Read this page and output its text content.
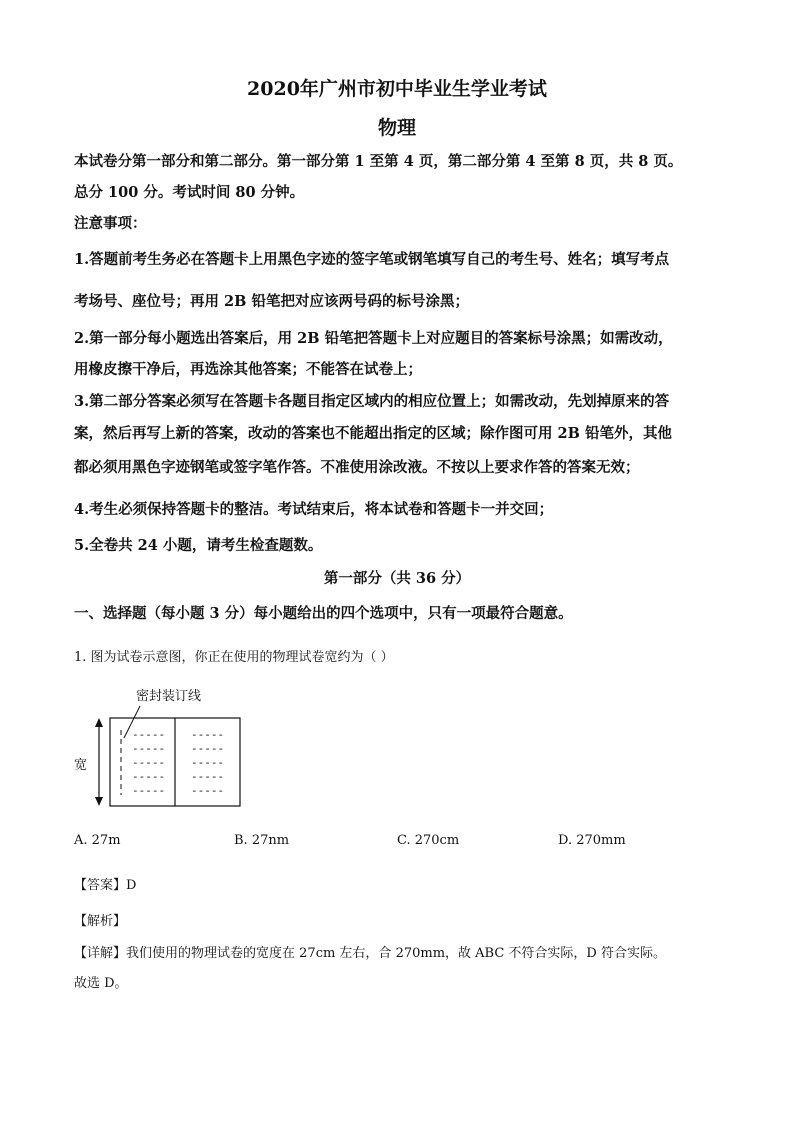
2020年广州市初中毕业生学业考试
物理
本试卷分第一部分和第二部分。第一部分第 1 至第 4 页，第二部分第 4 至第 8 页，共 8 页。
总分 100 分。考试时间 80 分钟。
注意事项：
1.答题前考生务必在答题卡上用黑色字迹的签字笔或钢笔填写自己的考生号、姓名；填写考点
考场号、座位号；再用 2B 铅笔把对应该两号码的标号涂黑；
2.第一部分每小题选出答案后，用 2B 铅笔把答题卡上对应题目的答案标号涂黑；如需改动，
用橡皮擦干净后，再选涂其他答案；不能答在试卷上；
3.第二部分答案必须写在答题卡各题目指定区域内的相应位置上；如需改动，先划掉原来的答
案，然后再写上新的答案，改动的答案也不能超出指定的区域；除作图可用 2B 铅笔外，其他
都必须用黑色字迹钢笔或签字笔作答。不准使用涂改液。不按以上要求作答的答案无效；
4.考生必须保持答题卡的整洁。考试结束后，将本试卷和答题卡一并交回；
5.全卷共 24 小题，请考生检查题数。
第一部分（共 36 分）
一、选择题（每小题 3 分）每小题给出的四个选项中，只有一项最符合题意。
1. 图为试卷示意图，你正在使用的物理试卷宽约为（ ）
密封装订线
-----
-----
-----
-----
-----
-----
-----
-----
-----
-----
宽
A. 27m	B. 27nm	C. 270cm	D. 270mm
【答案】D
【解析】
【详解】我们使用的物理试卷的宽度在 27cm 左右，合 270mm，故 ABC 不符合实际，D 符合实际。
故选 D。
